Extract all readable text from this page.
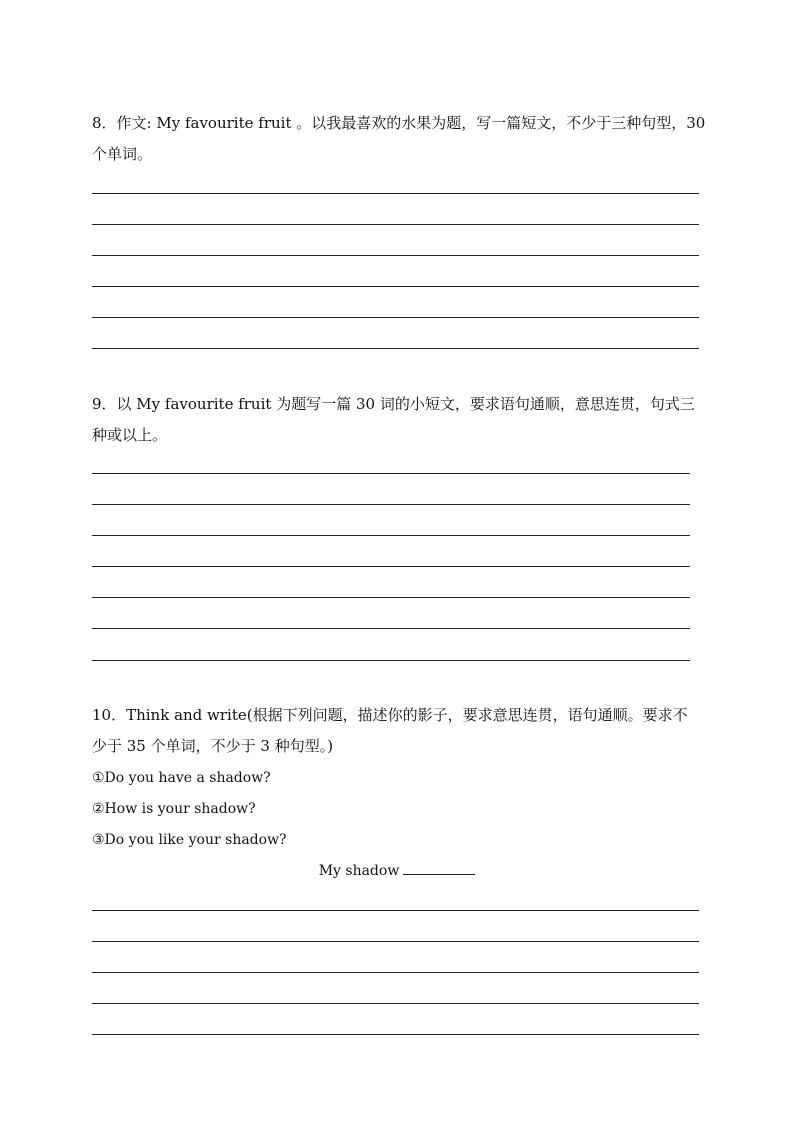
8．作文: My favourite fruit 。以我最喜欢的水果为题，写一篇短文，不少于三种句型，30

个单词。

9．以 My favourite fruit 为题写一篇 30 词的小短文，要求语句通顺，意思连贯，句式三

种或以上。

10．Think and write(根据下列问题，描述你的影子，要求意思连贯，语句通顺。要求不

少于 35 个单词，不少于 3 种句型。)

①Do you have a shadow?

②How is your shadow?

③Do you like your shadow?

My shadow
